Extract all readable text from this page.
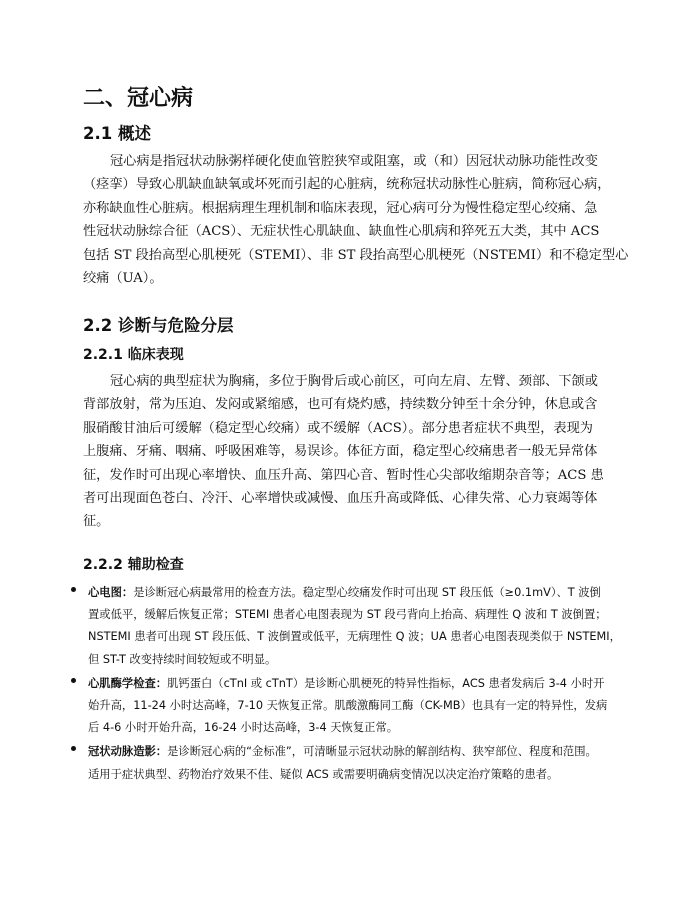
二、冠心病
2.1 概述
冠心病是指冠状动脉粥样硬化使血管腔狭窄或阻塞，或（和）因冠状动脉功能性改变
（痉挛）导致心肌缺血缺氧或坏死而引起的心脏病，统称冠状动脉性心脏病，简称冠心病，
亦称缺血性心脏病。根据病理生理机制和临床表现，冠心病可分为慢性稳定型心绞痛、急
性冠状动脉综合征（ACS）、无症状性心肌缺血、缺血性心肌病和猝死五大类，其中 ACS
包括 ST 段抬高型心肌梗死（STEMI）、非 ST 段抬高型心肌梗死（NSTEMI）和不稳定型心
绞痛（UA）。
2.2 诊断与危险分层
2.2.1 临床表现
冠心病的典型症状为胸痛，多位于胸骨后或心前区，可向左肩、左臂、颈部、下颌或
背部放射，常为压迫、发闷或紧缩感，也可有烧灼感，持续数分钟至十余分钟，休息或含
服硝酸甘油后可缓解（稳定型心绞痛）或不缓解（ACS）。部分患者症状不典型，表现为
上腹痛、牙痛、咽痛、呼吸困难等，易误诊。体征方面，稳定型心绞痛患者一般无异常体
征，发作时可出现心率增快、血压升高、第四心音、暂时性心尖部收缩期杂音等；ACS 患
者可出现面色苍白、冷汗、心率增快或减慢、血压升高或降低、心律失常、心力衰竭等体
征。
2.2.2 辅助检查
心电图：是诊断冠心病最常用的检查方法。稳定型心绞痛发作时可出现 ST 段压低（≥0.1mV）、T 波倒
置或低平，缓解后恢复正常；STEMI 患者心电图表现为 ST 段弓背向上抬高、病理性 Q 波和 T 波倒置；
NSTEMI 患者可出现 ST 段压低、T 波倒置或低平，无病理性 Q 波；UA 患者心电图表现类似于 NSTEMI，
但 ST-T 改变持续时间较短或不明显。
心肌酶学检查：肌钙蛋白（cTnI 或 cTnT）是诊断心肌梗死的特异性指标，ACS 患者发病后 3-4 小时开
始升高，11-24 小时达高峰，7-10 天恢复正常。肌酸激酶同工酶（CK-MB）也具有一定的特异性，发病
后 4-6 小时开始升高，16-24 小时达高峰，3-4 天恢复正常。
冠状动脉造影：是诊断冠心病的“金标准”，可清晰显示冠状动脉的解剖结构、狭窄部位、程度和范围。
适用于症状典型、药物治疗效果不佳、疑似 ACS 或需要明确病变情况以决定治疗策略的患者。
